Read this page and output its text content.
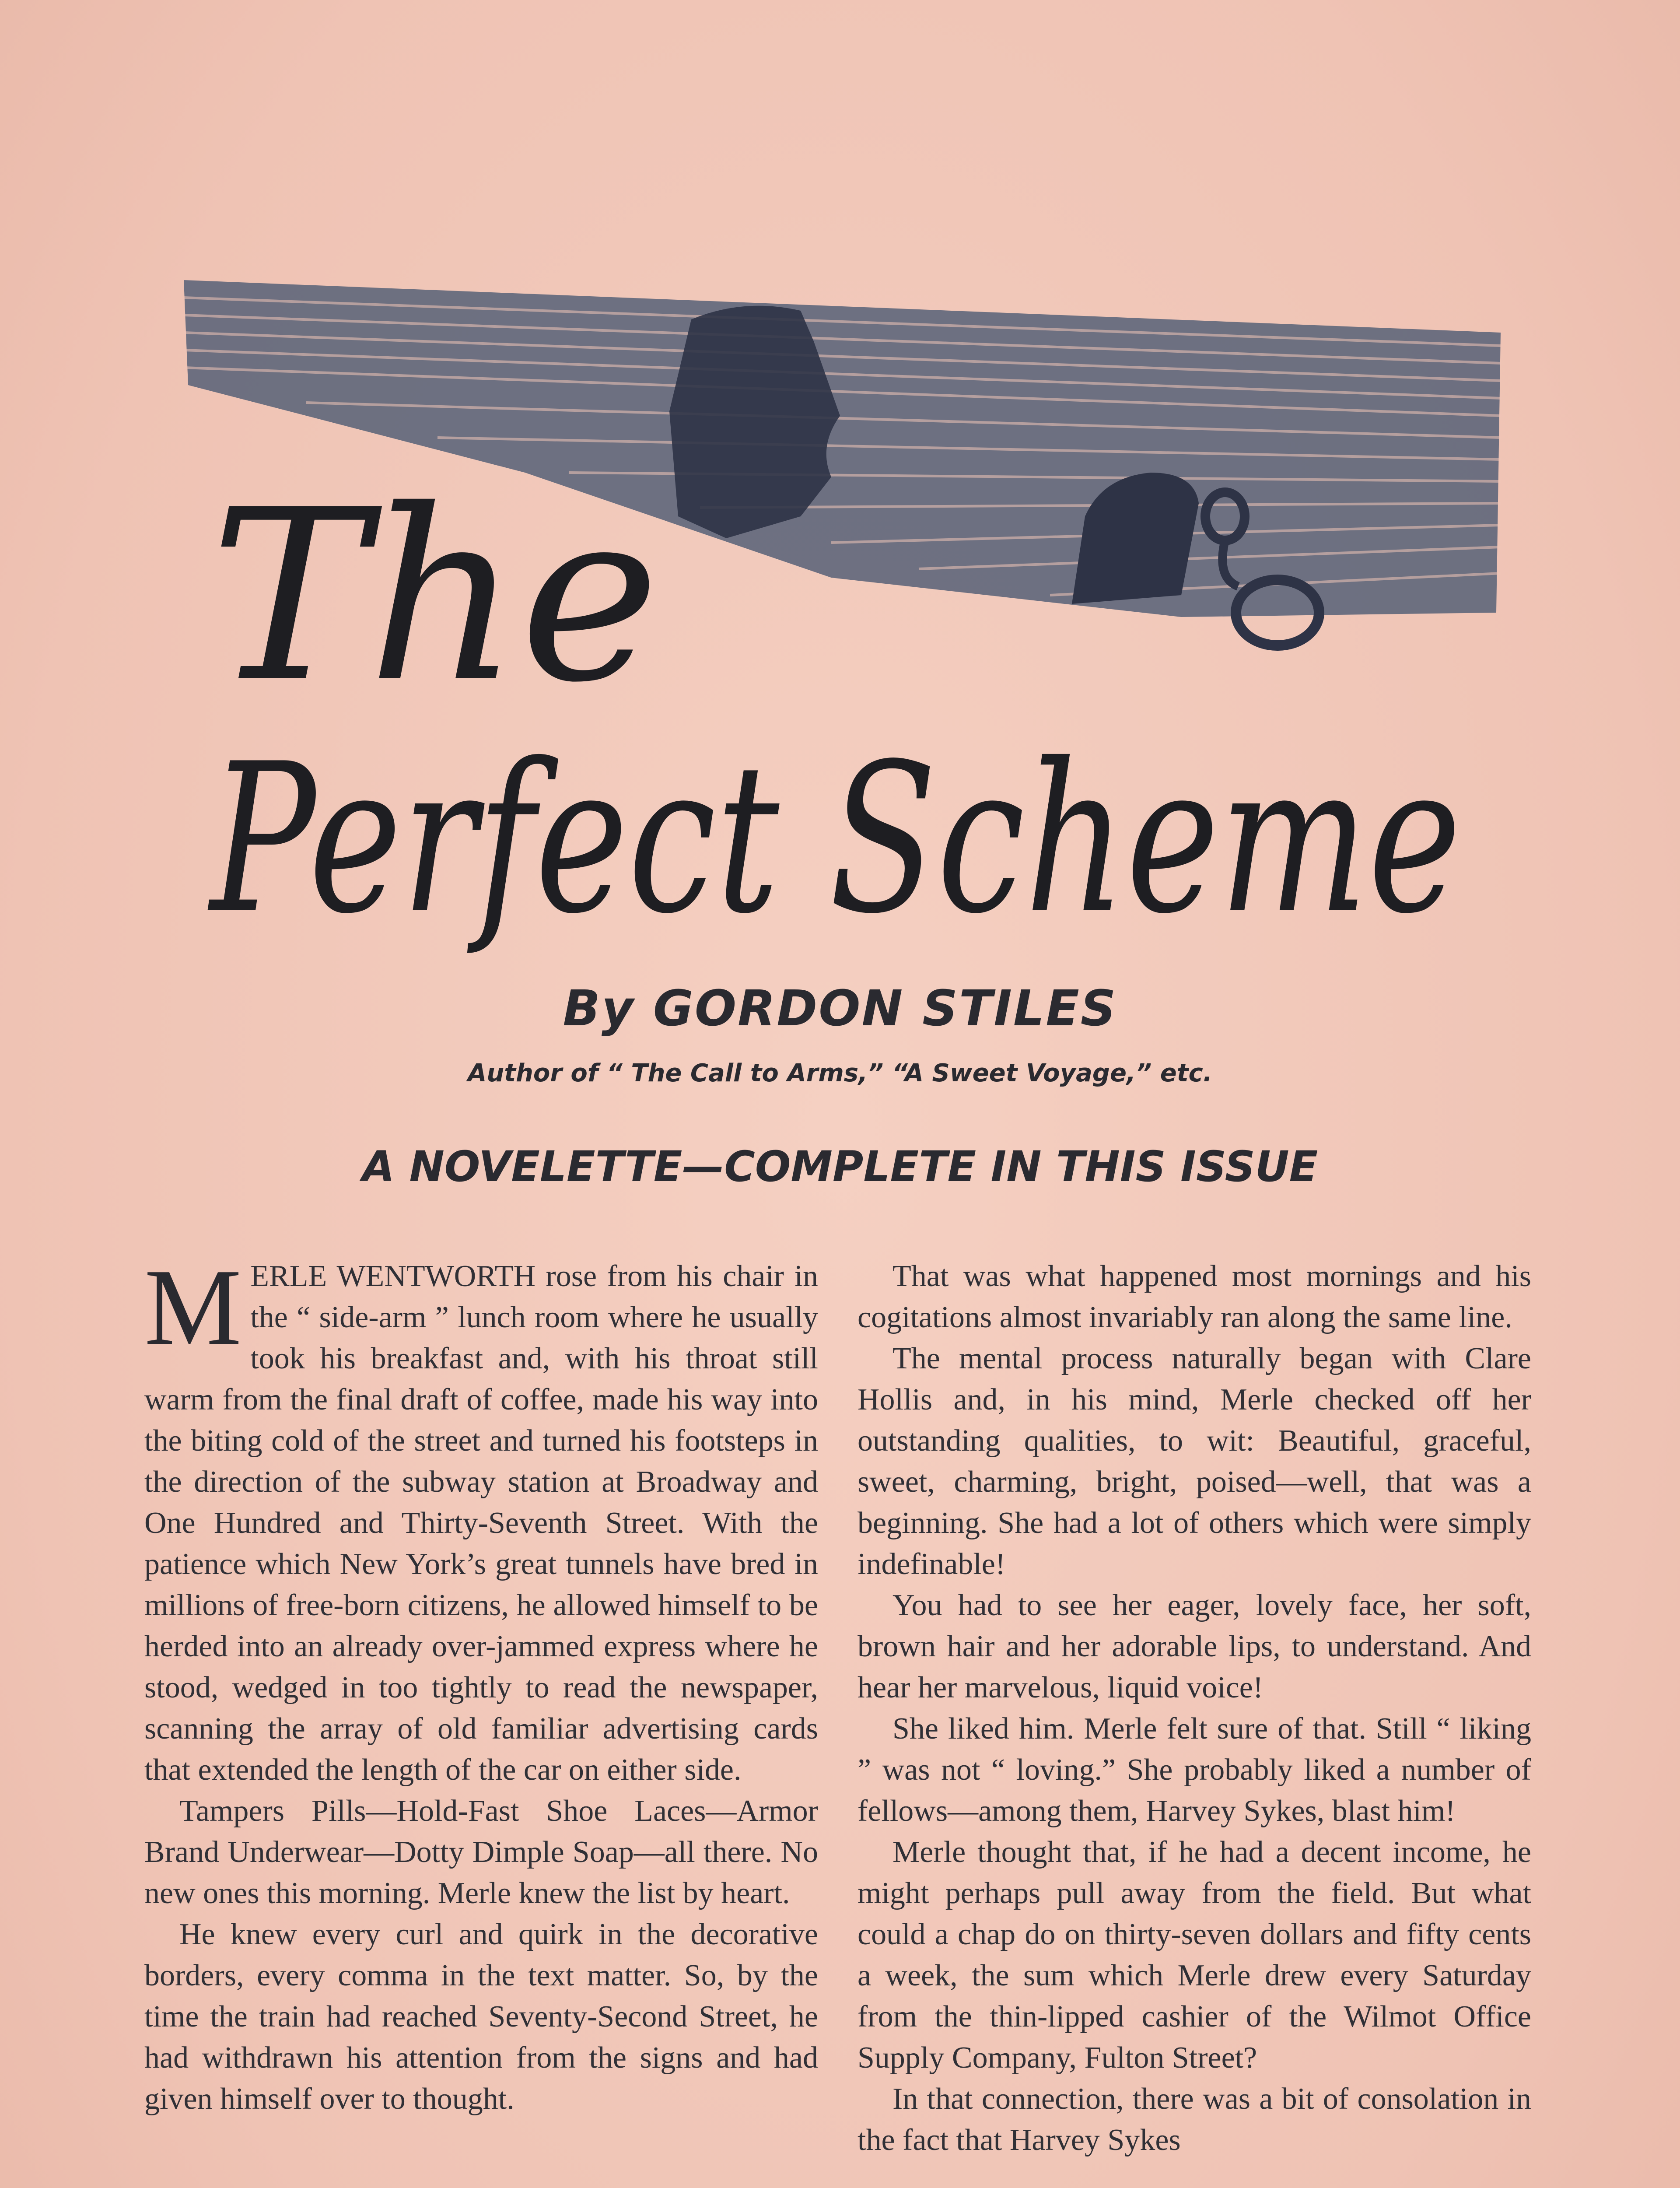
The
Perfect Scheme
By GORDON STILES
Author of “ The Call to Arms,” “A Sweet Voyage,” etc.
A NOVELETTE—COMPLETE IN THIS ISSUE

MERLE WENTWORTH rose from his chair in the “ side-arm ” lunch room where he usually took his breakfast and, with his throat still warm from the final draft of coffee, made his way into the biting cold of the street and turned his footsteps in the direction of the subway station at Broadway and One Hundred and Thirty-Seventh Street. With the patience which New York’s great tunnels have bred in millions of free-born citizens, he allowed himself to be herded into an already over-jammed express where he stood, wedged in too tightly to read the newspaper, scanning the array of old familiar advertising cards that extended the length of the car on either side.

Tampers Pills—Hold-Fast Shoe Laces—Armor Brand Underwear—Dotty Dimple Soap—all there. No new ones this morning. Merle knew the list by heart.

He knew every curl and quirk in the decorative borders, every comma in the text matter. So, by the time the train had reached Seventy-Second Street, he had withdrawn his attention from the signs and had given himself over to thought.

That was what happened most mornings and his cogitations almost invariably ran along the same line.

The mental process naturally began with Clare Hollis and, in his mind, Merle checked off her outstanding qualities, to wit: Beautiful, graceful, sweet, charming, bright, poised—well, that was a beginning. She had a lot of others which were simply indefinable!

You had to see her eager, lovely face, her soft, brown hair and her adorable lips, to understand. And hear her marvelous, liquid voice!

She liked him. Merle felt sure of that. Still “ liking ” was not “ loving.” She probably liked a number of fellows—among them, Harvey Sykes, blast him!

Merle thought that, if he had a decent income, he might perhaps pull away from the field. But what could a chap do on thirty-seven dollars and fifty cents a week, the sum which Merle drew every Saturday from the thin-lipped cashier of the Wilmot Office Supply Company, Fulton Street?

In that connection, there was a bit of consolation in the fact that Harvey Sykes
